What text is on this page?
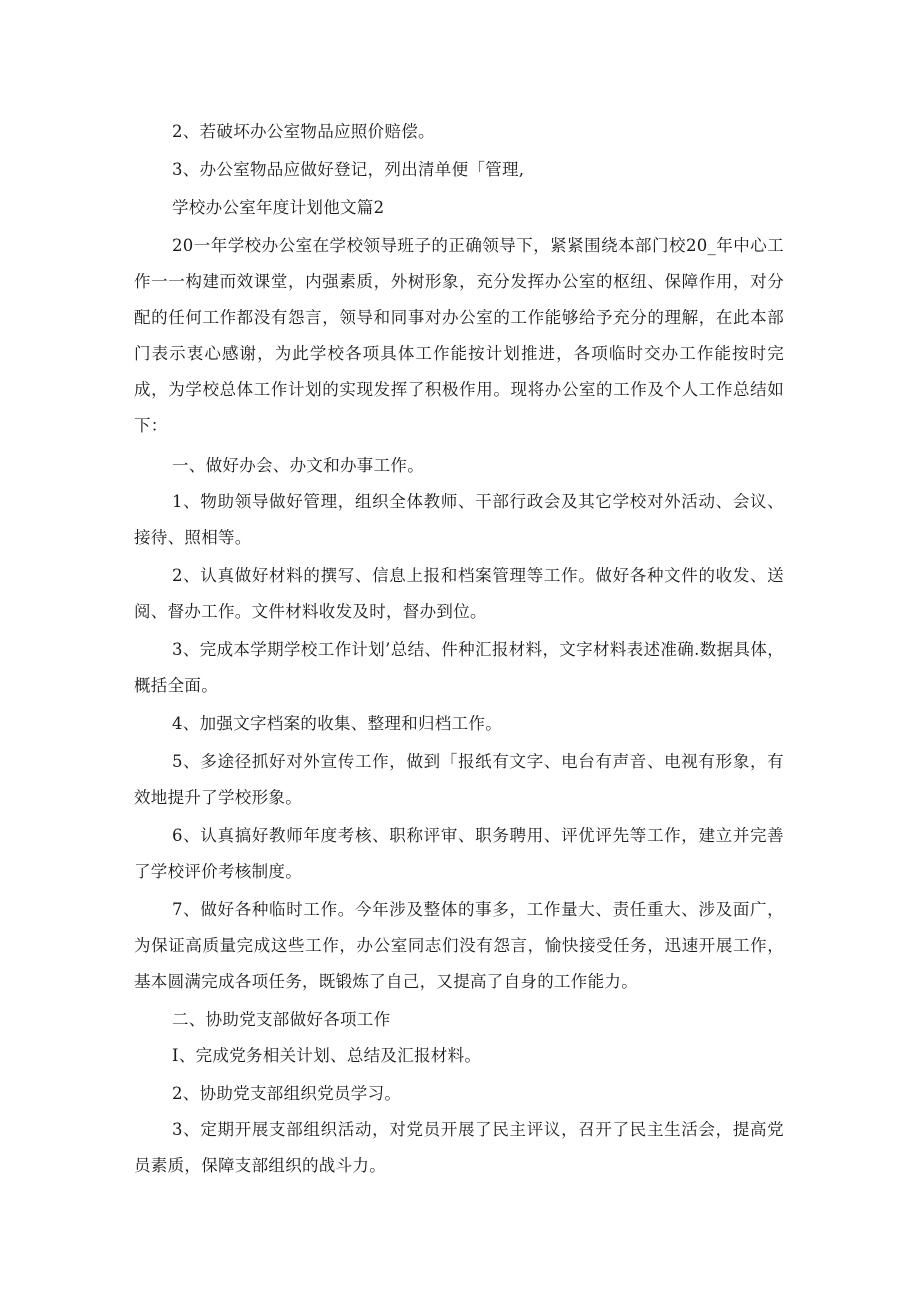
2、若破坏办公室物品应照价赔偿。

3、办公室物品应做好登记，列出清单便「管理,

学校办公室年度计划他文篇2

20一年学校办公室在学校领导班子的正确领导下，紧紧围绕本部门校20_年中心工作一一构建而效课堂，内强素质，外树形象，充分发挥办公室的枢纽、保障作用，对分配的任何工作都没有怨言，领导和同事对办公室的工作能够给予充分的理解，在此本部门表示衷心感谢，为此学校各项具体工作能按计划推进，各项临时交办工作能按时完成，为学校总体工作计划的实现发挥了积极作用。现将办公室的工作及个人工作总结如下：

一、做好办会、办文和办事工作。

1、物助领导做好管理，组织全体教师、干部行政会及其它学校对外活动、会议、接待、照相等。

2、认真做好材料的撰写、信息上报和档案管理等工作。做好各种文件的收发、送阅、督办工作。文件材料收发及时，督办到位。

3、完成本学期学校工作计划’总结、件种汇报材料，文字材料表述准确.数据具体，概括全面。

4、加强文字档案的收集、整理和归档工作。

5、多途径抓好对外宣传工作，做到「报纸有文字、电台有声音、电视有形象，有效地提升了学校形象。

6、认真搞好教师年度考核、职称评审、职务聘用、评优评先等工作，建立并完善了学校评价考核制度。

7、做好各种临时工作。今年涉及整体的事多，工作量大、责任重大、涉及面广，为保证高质量完成这些工作，办公室同志们没有怨言，愉快接受任务，迅速开展工作，基本圆满完成各项任务，既锻炼了自己，又提高了自身的工作能力。

二、协助党支部做好各项工作

I、完成党务相关计划、总结及汇报材料。

2、协助党支部组织党员学习。

3、定期开展支部组织活动，对党员开展了民主评议，召开了民主生活会，提高党员素质，保障支部组织的战斗力。
